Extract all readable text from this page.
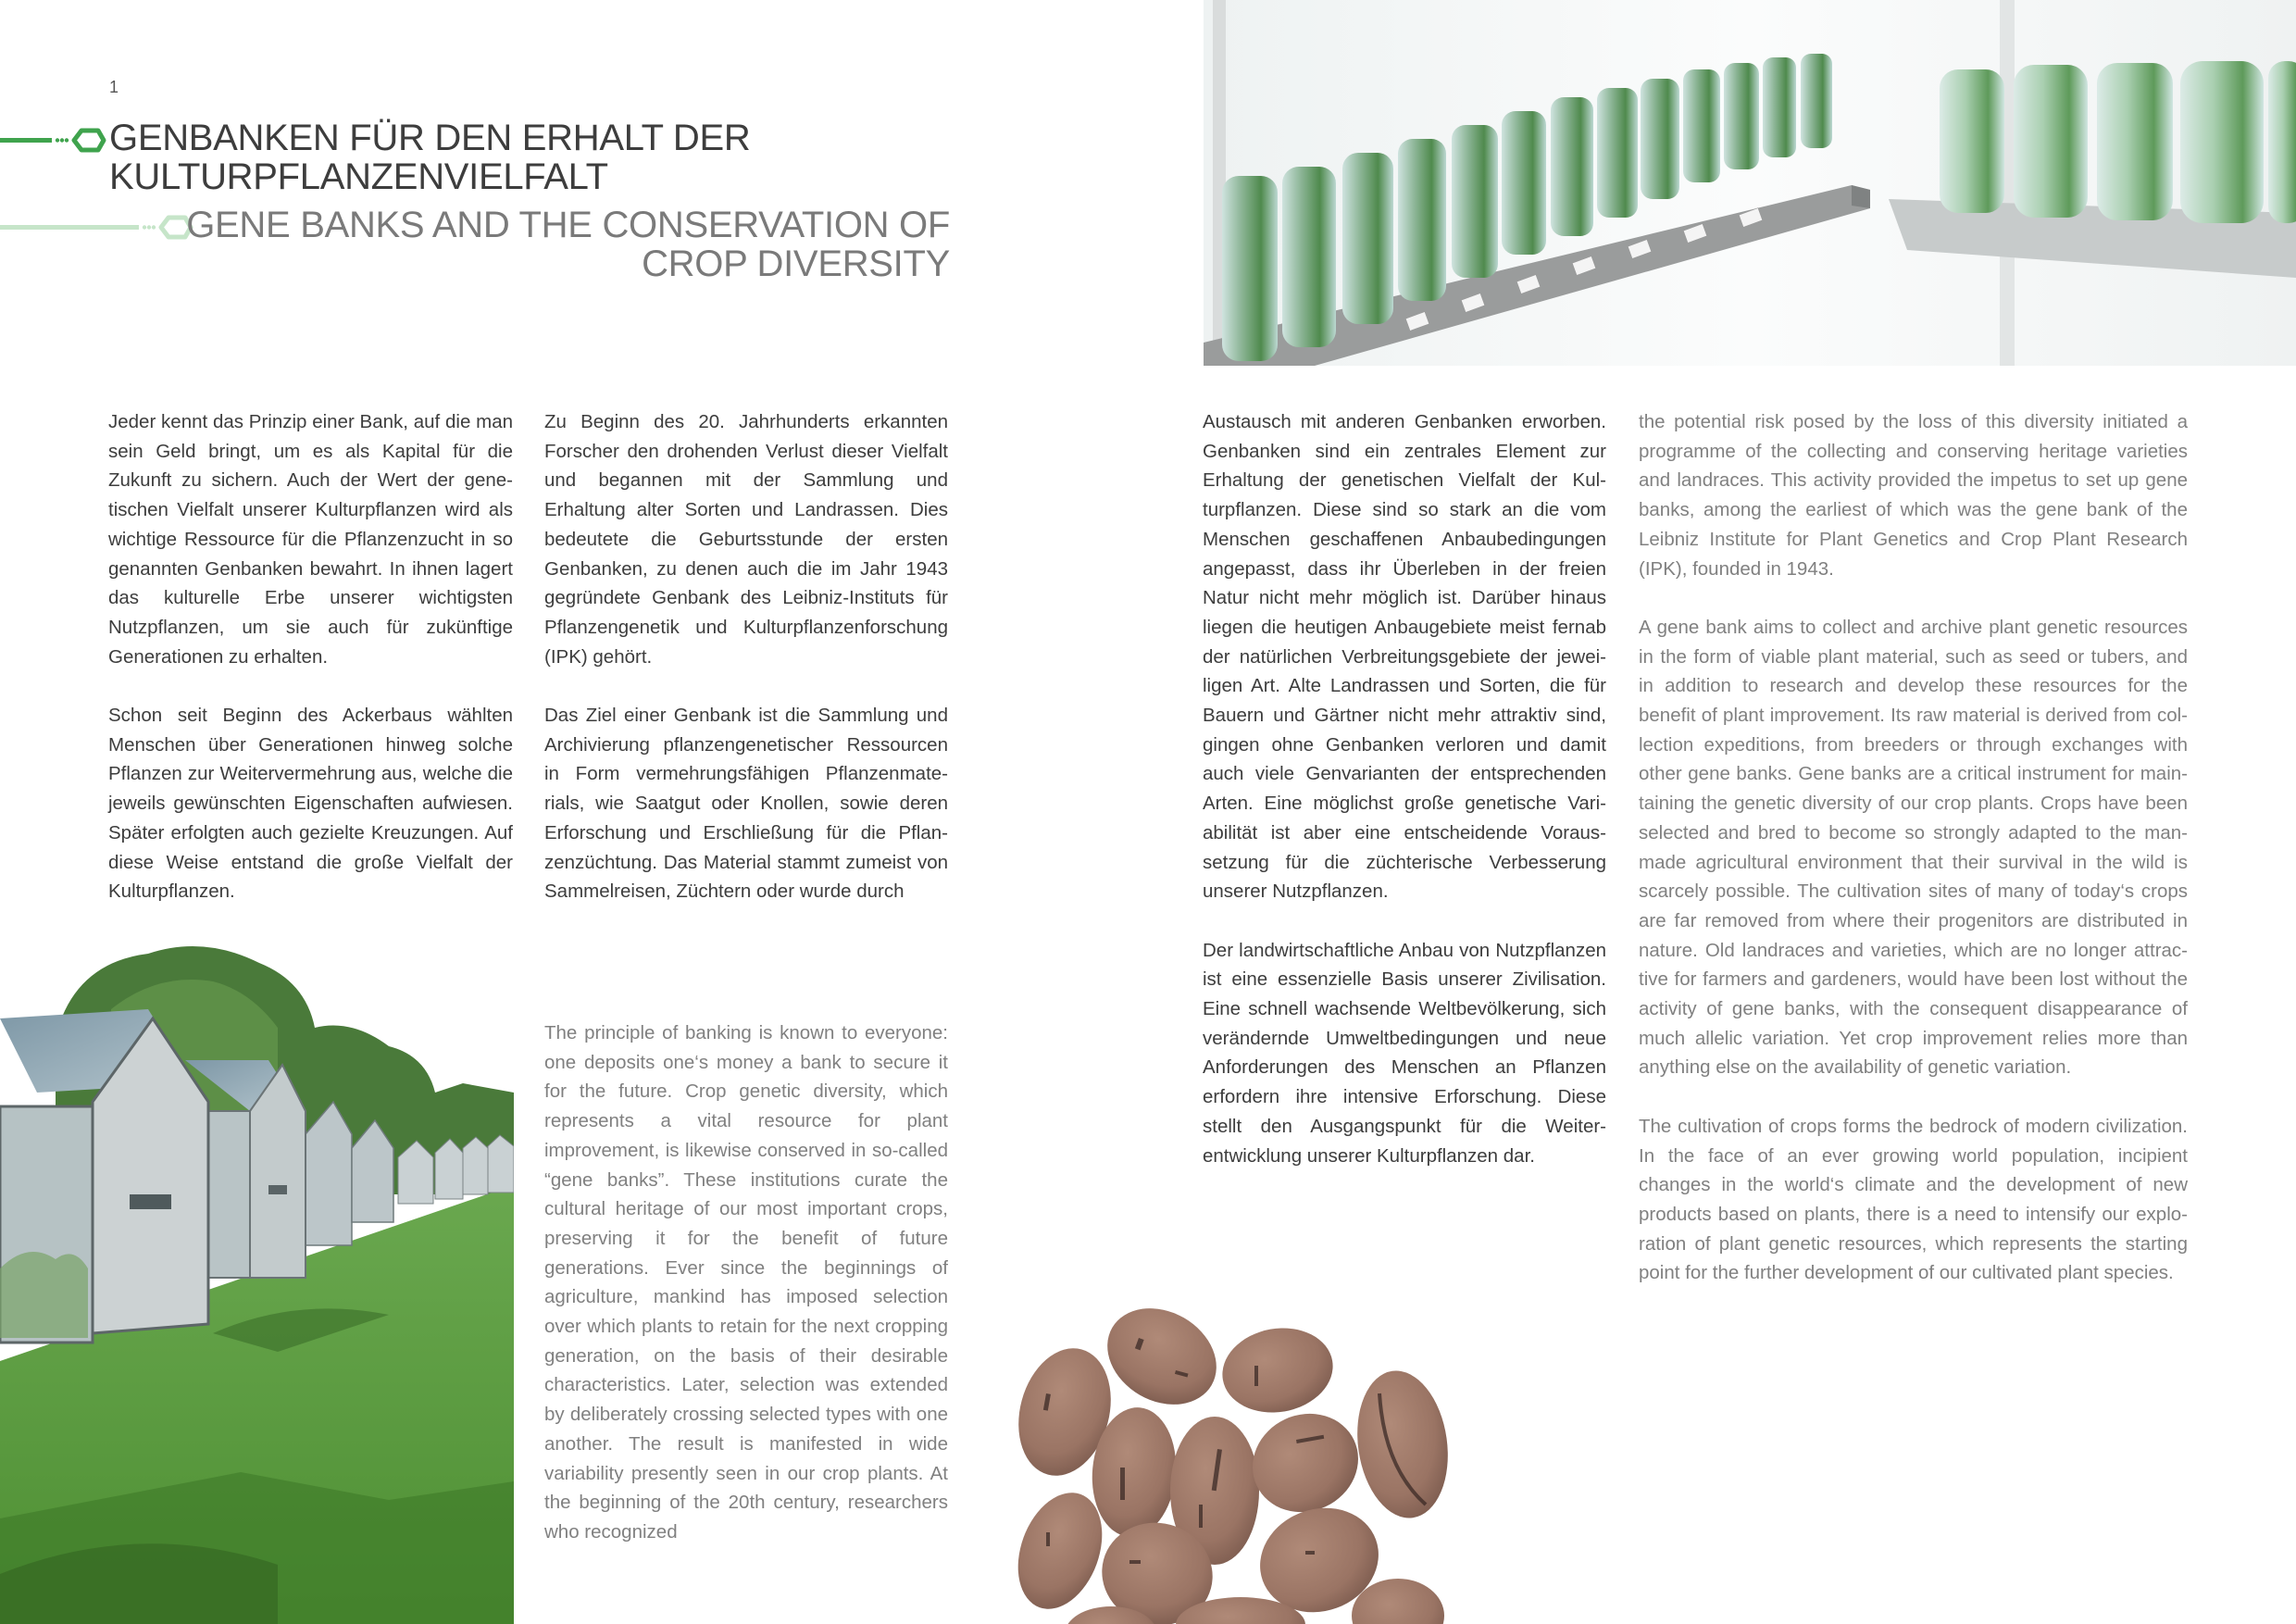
1
GENBANKEN FÜR DEN ERHALT DER
KULTURPFLANZENVIELFALT
GENE BANKS AND THE CONSERVATION OF
CROP DIVERSITY

Jeder kennt das Prinzip einer Bank, auf die man sein Geld bringt, um es als Kapital für die Zukunft zu sichern. Auch der Wert der genetischen Vielfalt unserer Kulturpflanzen wird als wichtige Ressource für die Pflanzenzucht in so genannten Genbanken bewahrt. In ihnen lagert das kulturelle Erbe unserer wichtigsten Nutzpflanzen, um sie auch für zukünftige Generationen zu erhalten.

Schon seit Beginn des Ackerbaus wählten Menschen über Generationen hinweg solche Pflanzen zur Weitervermehrung aus, welche die jeweils gewünschten Eigenschaften aufwiesen. Später erfolgten auch gezielte Kreuzungen. Auf diese Weise entstand die große Vielfalt der Kulturpflanzen.

Zu Beginn des 20. Jahrhunderts erkannten Forscher den drohenden Verlust dieser Vielfalt und begannen mit der Sammlung und Erhaltung alter Sorten und Landrassen. Dies bedeutete die Geburtsstunde der ersten Genbanken, zu denen auch die im Jahr 1943 gegründete Genbank des Leibniz-Instituts für Pflanzengenetik und Kulturpflanzenforschung (IPK) gehört.

Das Ziel einer Genbank ist die Sammlung und Archivierung pflanzengenetischer Ressourcen in Form vermehrungsfähigen Pflanzenmaterials, wie Saatgut oder Knollen, sowie deren Erforschung und Erschließung für die Pflanzenzüchtung. Das Material stammt zumeist von Sammelreisen, Züchtern oder wurde durch

The principle of banking is known to everyone: one deposits one‘s money a bank to secure it for the future. Crop genetic diversity, which represents a vital resource for plant improvement, is likewise conserved in so-called “gene banks”. These institutions curate the cultural heritage of our most important crops, preserving it for the benefit of future generations. Ever since the beginnings of agriculture, mankind has imposed selection over which plants to retain for the next cropping generation, on the basis of their desirable characteristics. Later, selection was extended by deliberately crossing selected types with one another. The result is manifested in wide variability presently seen in our crop plants. At the beginning of the 20th century, researchers who recognized

Austausch mit anderen Genbanken erworben. Genbanken sind ein zentrales Element zur Erhaltung der genetischen Vielfalt der Kulturpflanzen. Diese sind so stark an die vom Menschen geschaffenen Anbaubedingungen angepasst, dass ihr Überleben in der freien Natur nicht mehr möglich ist. Darüber hinaus liegen die heutigen Anbaugebiete meist fernab der natürlichen Verbreitungsgebiete der jeweiligen Art. Alte Landrassen und Sorten, die für Bauern und Gärtner nicht mehr attraktiv sind, gingen ohne Genbanken verloren und damit auch viele Genvarianten der entsprechenden Arten. Eine möglichst große genetische Variabilität ist aber eine entscheidende Voraussetzung für die züchterische Verbesserung unserer Nutzpflanzen.

Der landwirtschaftliche Anbau von Nutzpflanzen ist eine essenzielle Basis unserer Zivilisation. Eine schnell wachsende Weltbevölkerung, sich verändernde Umweltbedingungen und neue Anforderungen des Menschen an Pflanzen erfordern ihre intensive Erforschung. Diese stellt den Ausgangspunkt für die Weiterentwicklung unserer Kulturpflanzen dar.

the potential risk posed by the loss of this diversity initiated a programme of the collecting and conserving heritage varieties and landraces. This activity provided the impetus to set up gene banks, among the earliest of which was the gene bank of the Leibniz Institute for Plant Genetics and Crop Plant Research (IPK), founded in 1943.

A gene bank aims to collect and archive plant genetic resources in the form of viable plant material, such as seed or tubers, and in addition to research and develop these resources for the benefit of plant improvement. Its raw material is derived from collection expeditions, from breeders or through exchanges with other gene banks. Gene banks are a critical instrument for maintaining the genetic diversity of our crop plants. Crops have been selected and bred to become so strongly adapted to the manmade agricultural environment that their survival in the wild is scarcely possible. The cultivation sites of many of today‘s crops are far removed from where their progenitors are distributed in nature. Old landraces and varieties, which are no longer attractive for farmers and gardeners, would have been lost without the activity of gene banks, with the consequent disappearance of much allelic variation. Yet crop improvement relies more than anything else on the availability of genetic variation.

The cultivation of crops forms the bedrock of modern civilization. In the face of an ever growing world population, incipient changes in the world‘s climate and the development of new products based on plants, there is a need to intensify our exploration of plant genetic resources, which represents the starting point for the further development of our cultivated plant species.
